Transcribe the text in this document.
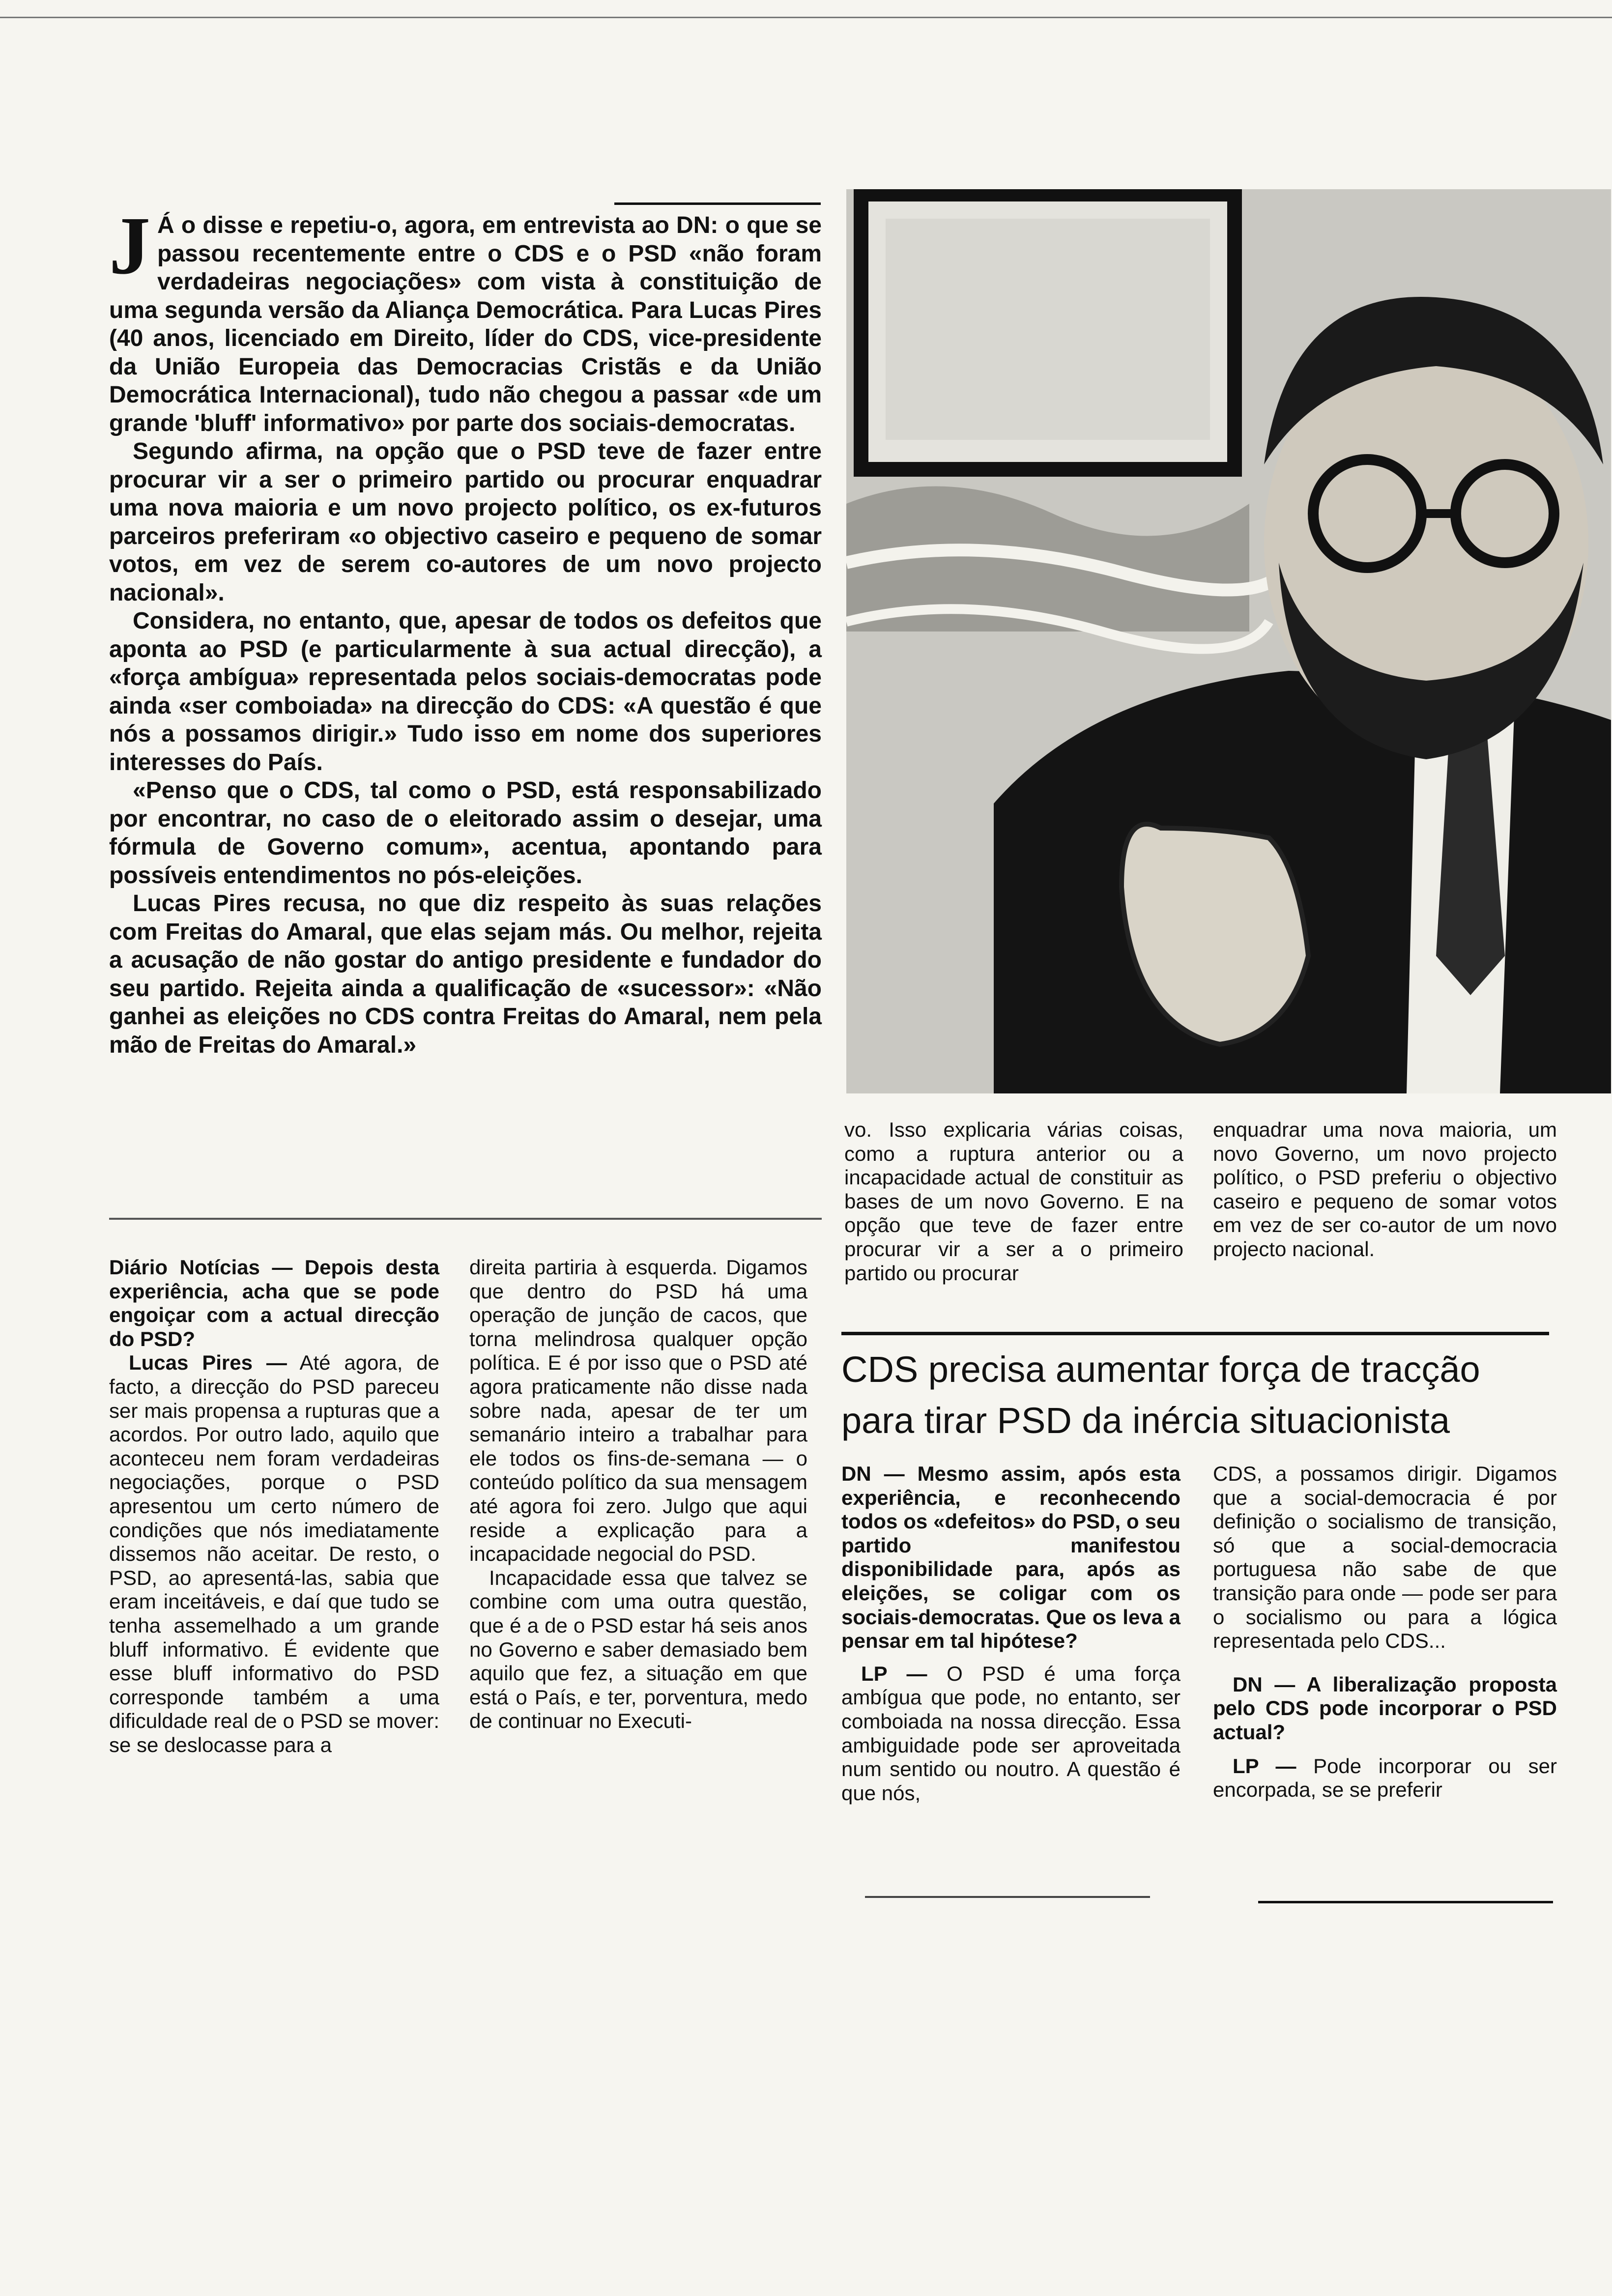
J Á o disse e repetiu-o, agora, em entrevista ao DN: o que se passou recentemente entre o CDS e o PSD «não foram verdadeiras negociações» com vista à constituição de uma segunda versão da Aliança Democrática. Para Lucas Pires (40 anos, licenciado em Direito, líder do CDS, vice-presidente da União Europeia das Democracias Cristãs e da União Democrática Internacional), tudo não chegou a passar «de um grande 'bluff' informativo» por parte dos sociais-democratas.

Segundo afirma, na opção que o PSD teve de fazer entre procurar vir a ser o primeiro partido ou procurar enquadrar uma nova maioria e um novo projecto político, os ex-futuros parceiros preferiram «o objectivo caseiro e pequeno de somar votos, em vez de serem co-autores de um novo projecto nacional».

Considera, no entanto, que, apesar de todos os defeitos que aponta ao PSD (e particularmente à sua actual direcção), a «força ambígua» representada pelos sociais-democratas pode ainda «ser comboiada» na direcção do CDS: «A questão é que nós a possamos dirigir.» Tudo isso em nome dos superiores interesses do País.

«Penso que o CDS, tal como o PSD, está responsabilizado por encontrar, no caso de o eleitorado assim o desejar, uma fórmula de Governo comum», acentua, apontando para possíveis entendimentos no pós-eleições.

Lucas Pires recusa, no que diz respeito às suas relações com Freitas do Amaral, que elas sejam más. Ou melhor, rejeita a acusação de não gostar do antigo presidente e fundador do seu partido. Rejeita ainda a qualificação de «sucessor»: «Não ganhei as eleições no CDS contra Freitas do Amaral, nem pela mão de Freitas do Amaral.»

Diário Notícias — Depois desta experiência, acha que se pode engoiçar com a actual direcção do PSD?

Lucas Pires — Até agora, de facto, a direcção do PSD pareceu ser mais propensa a rupturas que a acordos. Por outro lado, aquilo que aconteceu nem foram verdadeiras negociações, porque o PSD apresentou um certo número de condições que nós imediatamente dissemos não aceitar. De resto, o PSD, ao apresentá-las, sabia que eram inceitáveis, e daí que tudo se tenha assemelhado a um grande bluff informativo. É evidente que esse bluff informativo do PSD corresponde também a uma dificuldade real de o PSD se mover: se se deslocasse para a

direita partiria à esquerda. Digamos que dentro do PSD há uma operação de junção de cacos, que torna melindrosa qualquer opção política. E é por isso que o PSD até agora praticamente não disse nada sobre nada, apesar de ter um semanário inteiro a trabalhar para ele todos os fins-de-semana — o conteúdo político da sua mensagem até agora foi zero. Julgo que aqui reside a explicação para a incapacidade negocial do PSD.

Incapacidade essa que talvez se combine com uma outra questão, que é a de o PSD estar há seis anos no Governo e saber demasiado bem aquilo que fez, a situação em que está o País, e ter, porventura, medo de continuar no Executi-

vo. Isso explicaria várias coisas, como a ruptura anterior ou a incapacidade actual de constituir as bases de um novo Governo. E na opção que teve de fazer entre procurar vir a ser a o primeiro partido ou procurar

enquadrar uma nova maioria, um novo Governo, um novo projecto político, o PSD preferiu o objectivo caseiro e pequeno de somar votos em vez de ser co-autor de um novo projecto nacional.

CDS precisa aumentar força de tracção
para tirar PSD da inércia situacionista

DN — Mesmo assim, após esta experiência, e reconhecendo todos os «defeitos» do PSD, o seu partido manifestou disponibilidade para, após as eleições, se coligar com os sociais-democratas. Que os leva a pensar em tal hipótese?

LP — O PSD é uma força ambígua que pode, no entanto, ser comboiada na nossa direcção. Essa ambiguidade pode ser aproveitada num sentido ou noutro. A questão é que nós,

CDS, a possamos dirigir. Digamos que a social-democracia é por definição o socialismo de transição, só que a social-democracia portuguesa não sabe de que transição para onde — pode ser para o socialismo ou para a lógica representada pelo CDS...

DN — A liberalização proposta pelo CDS pode incorporar o PSD actual?

LP — Pode incorporar ou ser encorpada, se se preferir
